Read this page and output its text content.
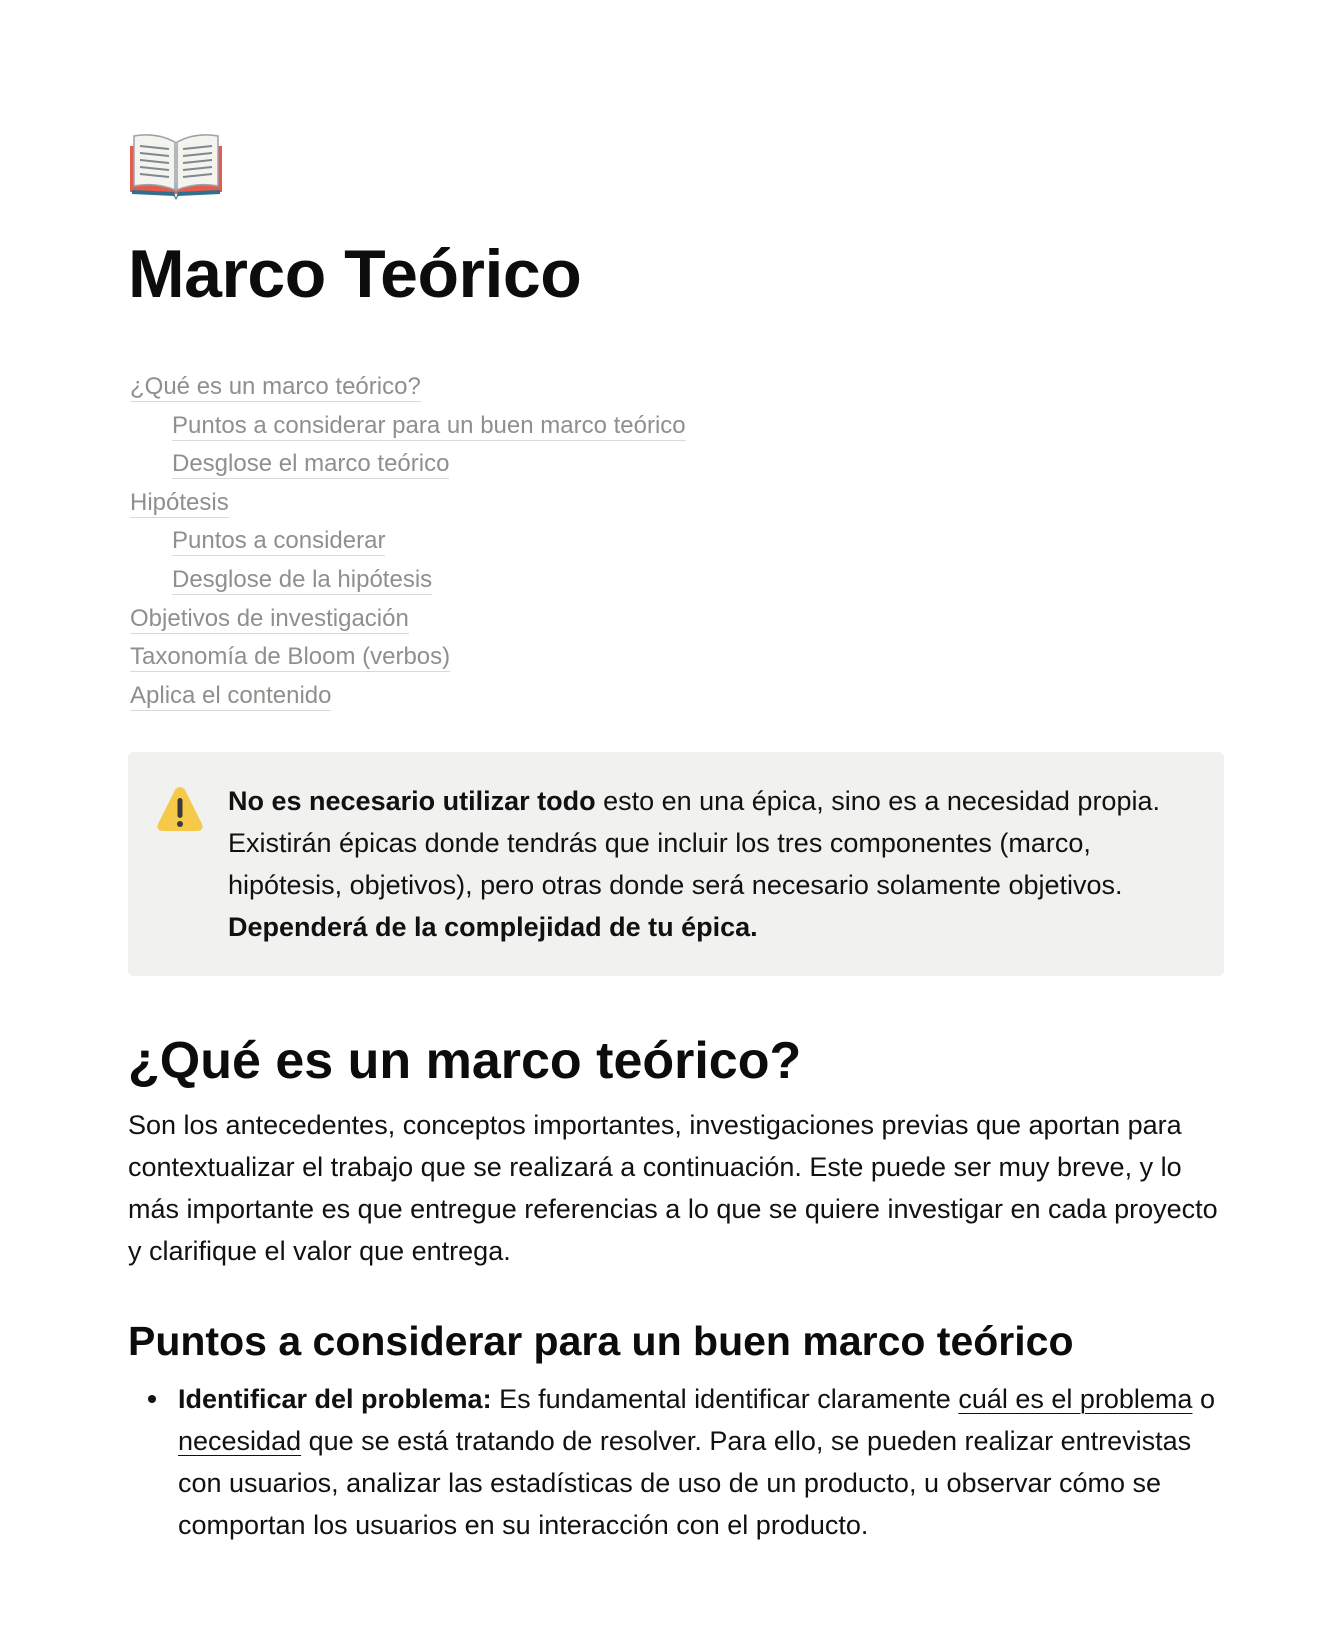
Marco Teórico
¿Qué es un marco teórico?
Puntos a considerar para un buen marco teórico
Desglose el marco teórico
Hipótesis
Puntos a considerar
Desglose de la hipótesis
Objetivos de investigación
Taxonomía de Bloom (verbos)
Aplica el contenido

No es necesario utilizar todo esto en una épica, sino es a necesidad propia. Existirán épicas donde tendrás que incluir los tres componentes (marco, hipótesis, objetivos), pero otras donde será necesario solamente objetivos. Dependerá de la complejidad de tu épica.

¿Qué es un marco teórico?

Son los antecedentes, conceptos importantes, investigaciones previas que aportan para contextualizar el trabajo que se realizará a continuación. Este puede ser muy breve, y lo más importante es que entregue referencias a lo que se quiere investigar en cada proyecto y clarifique el valor que entrega.

Puntos a considerar para un buen marco teórico
Identificar del problema: Es fundamental identificar claramente cuál es el problema o necesidad que se está tratando de resolver. Para ello, se pueden realizar entrevistas con usuarios, analizar las estadísticas de uso de un producto, u observar cómo se comportan los usuarios en su interacción con el producto.
